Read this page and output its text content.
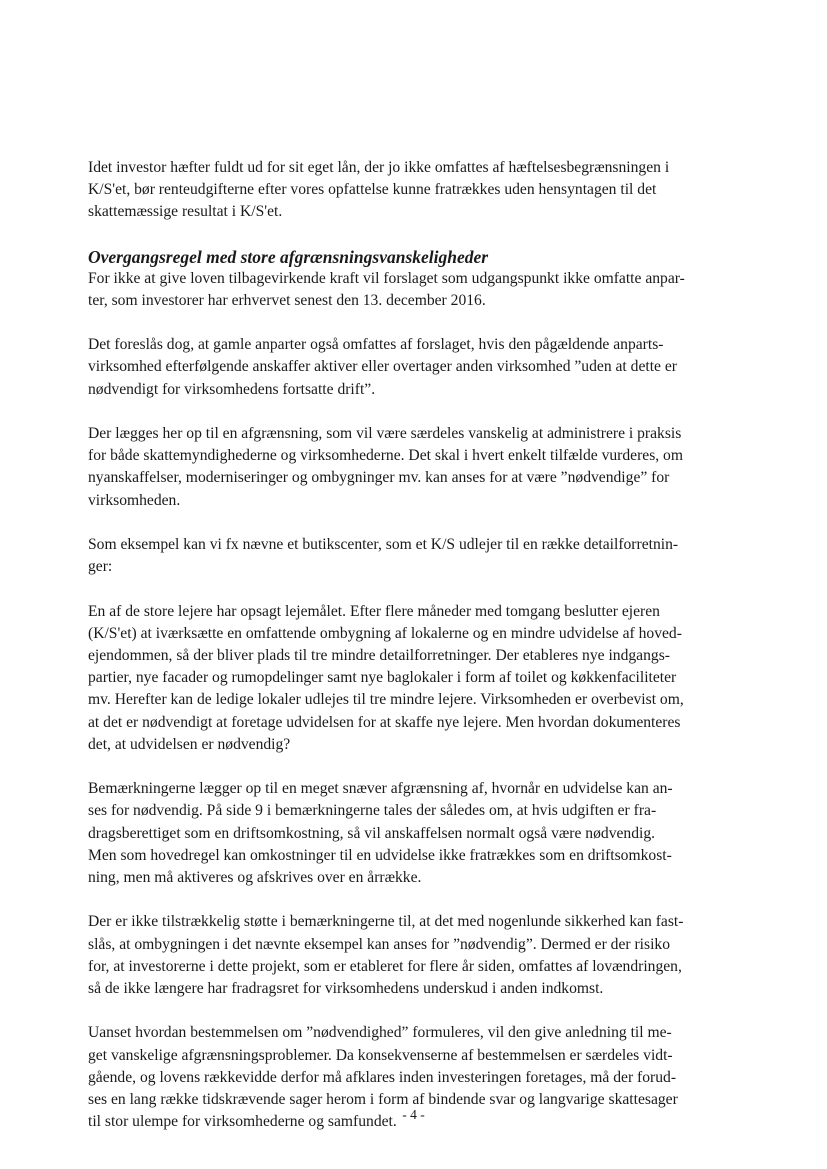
Idet investor hæfter fuldt ud for sit eget lån, der jo ikke omfattes af hæftelsesbegrænsningen i
K/S'et, bør renteudgifterne efter vores opfattelse kunne fratrækkes uden hensyntagen til det
skattemæssige resultat i K/S'et.

Overgangsregel med store afgrænsningsvanskeligheder

For ikke at give loven tilbagevirkende kraft vil forslaget som udgangspunkt ikke omfatte anpar-
ter, som investorer har erhvervet senest den 13. december 2016.

Det foreslås dog, at gamle anparter også omfattes af forslaget, hvis den pågældende anparts-
virksomhed efterfølgende anskaffer aktiver eller overtager anden virksomhed ”uden at dette er
nødvendigt for virksomhedens fortsatte drift”.

Der lægges her op til en afgrænsning, som vil være særdeles vanskelig at administrere i praksis
for både skattemyndighederne og virksomhederne. Det skal i hvert enkelt tilfælde vurderes, om
nyanskaffelser, moderniseringer og ombygninger mv. kan anses for at være ”nødvendige” for
virksomheden.

Som eksempel kan vi fx nævne et butikscenter, som et K/S udlejer til en række detailforretnin-
ger:

En af de store lejere har opsagt lejemålet. Efter flere måneder med tomgang beslutter ejeren
(K/S'et) at iværksætte en omfattende ombygning af lokalerne og en mindre udvidelse af hoved-
ejendommen, så der bliver plads til tre mindre detailforretninger. Der etableres nye indgangs-
partier, nye facader og rumopdelinger samt nye baglokaler i form af toilet og køkkenfaciliteter
mv. Herefter kan de ledige lokaler udlejes til tre mindre lejere. Virksomheden er overbevist om,
at det er nødvendigt at foretage udvidelsen for at skaffe nye lejere. Men hvordan dokumenteres
det, at udvidelsen er nødvendig?

Bemærkningerne lægger op til en meget snæver afgrænsning af, hvornår en udvidelse kan an-
ses for nødvendig. På side 9 i bemærkningerne tales der således om, at hvis udgiften er fra-
dragsberettiget som en driftsomkostning, så vil anskaffelsen normalt også være nødvendig.
Men som hovedregel kan omkostninger til en udvidelse ikke fratrækkes som en driftsomkost-
ning, men må aktiveres og afskrives over en årrække.

Der er ikke tilstrækkelig støtte i bemærkningerne til, at det med nogenlunde sikkerhed kan fast-
slås, at ombygningen i det nævnte eksempel kan anses for ”nødvendig”. Dermed er der risiko
for, at investorerne i dette projekt, som er etableret for flere år siden, omfattes af lovændringen,
så de ikke længere har fradragsret for virksomhedens underskud i anden indkomst.

Uanset hvordan bestemmelsen om ”nødvendighed” formuleres, vil den give anledning til me-
get vanskelige afgrænsningsproblemer. Da konsekvenserne af bestemmelsen er særdeles vidt-
gående, og lovens rækkevidde derfor må afklares inden investeringen foretages, må der forud-
ses en lang række tidskrævende sager herom i form af bindende svar og langvarige skattesager
til stor ulempe for virksomhederne og samfundet. - 4 -
